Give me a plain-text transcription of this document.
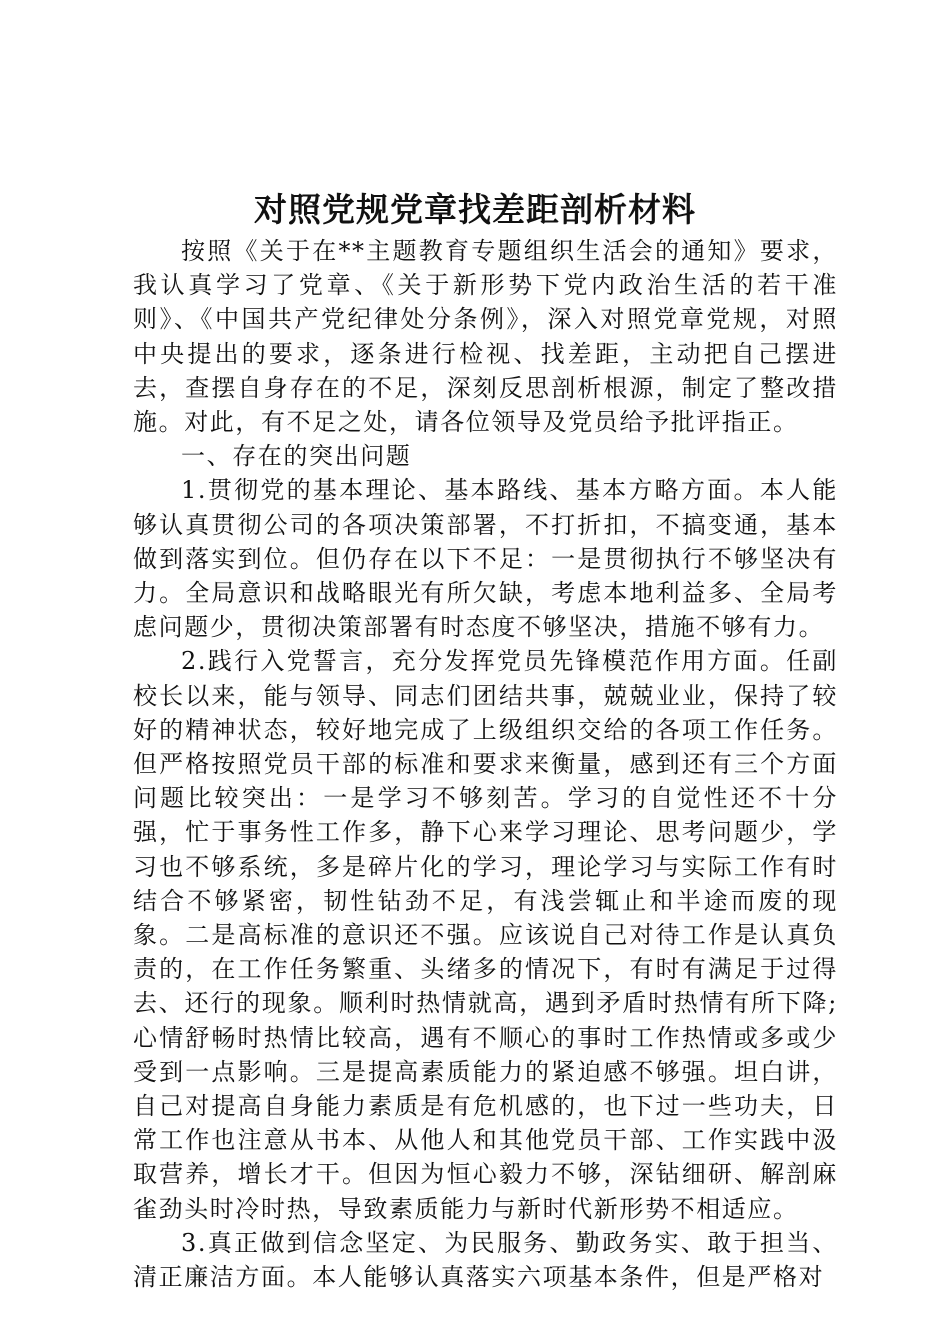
对照党规党章找差距剖析材料

按照《关于在**主题教育专题组织生活会的通知》要求，我认真学习了党章、《关于新形势下党内政治生活的若干准则》、《中国共产党纪律处分条例》，深入对照党章党规，对照中央提出的要求，逐条进行检视、找差距，主动把自己摆进去，查摆自身存在的不足，深刻反思剖析根源，制定了整改措施。对此，有不足之处，请各位领导及党员给予批评指正。

一、存在的突出问题

1.贯彻党的基本理论、基本路线、基本方略方面。本人能够认真贯彻公司的各项决策部署，不打折扣，不搞变通，基本做到落实到位。但仍存在以下不足：一是贯彻执行不够坚决有力。全局意识和战略眼光有所欠缺，考虑本地利益多、全局考虑问题少，贯彻决策部署有时态度不够坚决，措施不够有力。

2.践行入党誓言，充分发挥党员先锋模范作用方面。任副校长以来，能与领导、同志们团结共事，兢兢业业，保持了较好的精神状态，较好地完成了上级组织交给的各项工作任务。但严格按照党员干部的标准和要求来衡量，感到还有三个方面问题比较突出：一是学习不够刻苦。学习的自觉性还不十分强，忙于事务性工作多，静下心来学习理论、思考问题少，学习也不够系统，多是碎片化的学习，理论学习与实际工作有时结合不够紧密，韧性钻劲不足，有浅尝辄止和半途而废的现象。二是高标准的意识还不强。应该说自己对待工作是认真负责的，在工作任务繁重、头绪多的情况下，有时有满足于过得去、还行的现象。顺利时热情就高，遇到矛盾时热情有所下降;心情舒畅时热情比较高，遇有不顺心的事时工作热情或多或少受到一点影响。三是提高素质能力的紧迫感不够强。坦白讲，自己对提高自身能力素质是有危机感的，也下过一些功夫，日常工作也注意从书本、从他人和其他党员干部、工作实践中汲取营养，增长才干。但因为恒心毅力不够，深钻细研、解剖麻雀劲头时冷时热，导致素质能力与新时代新形势不相适应。

3.真正做到信念坚定、为民服务、勤政务实、敢于担当、清正廉洁方面。本人能够认真落实六项基本条件，但是严格对
